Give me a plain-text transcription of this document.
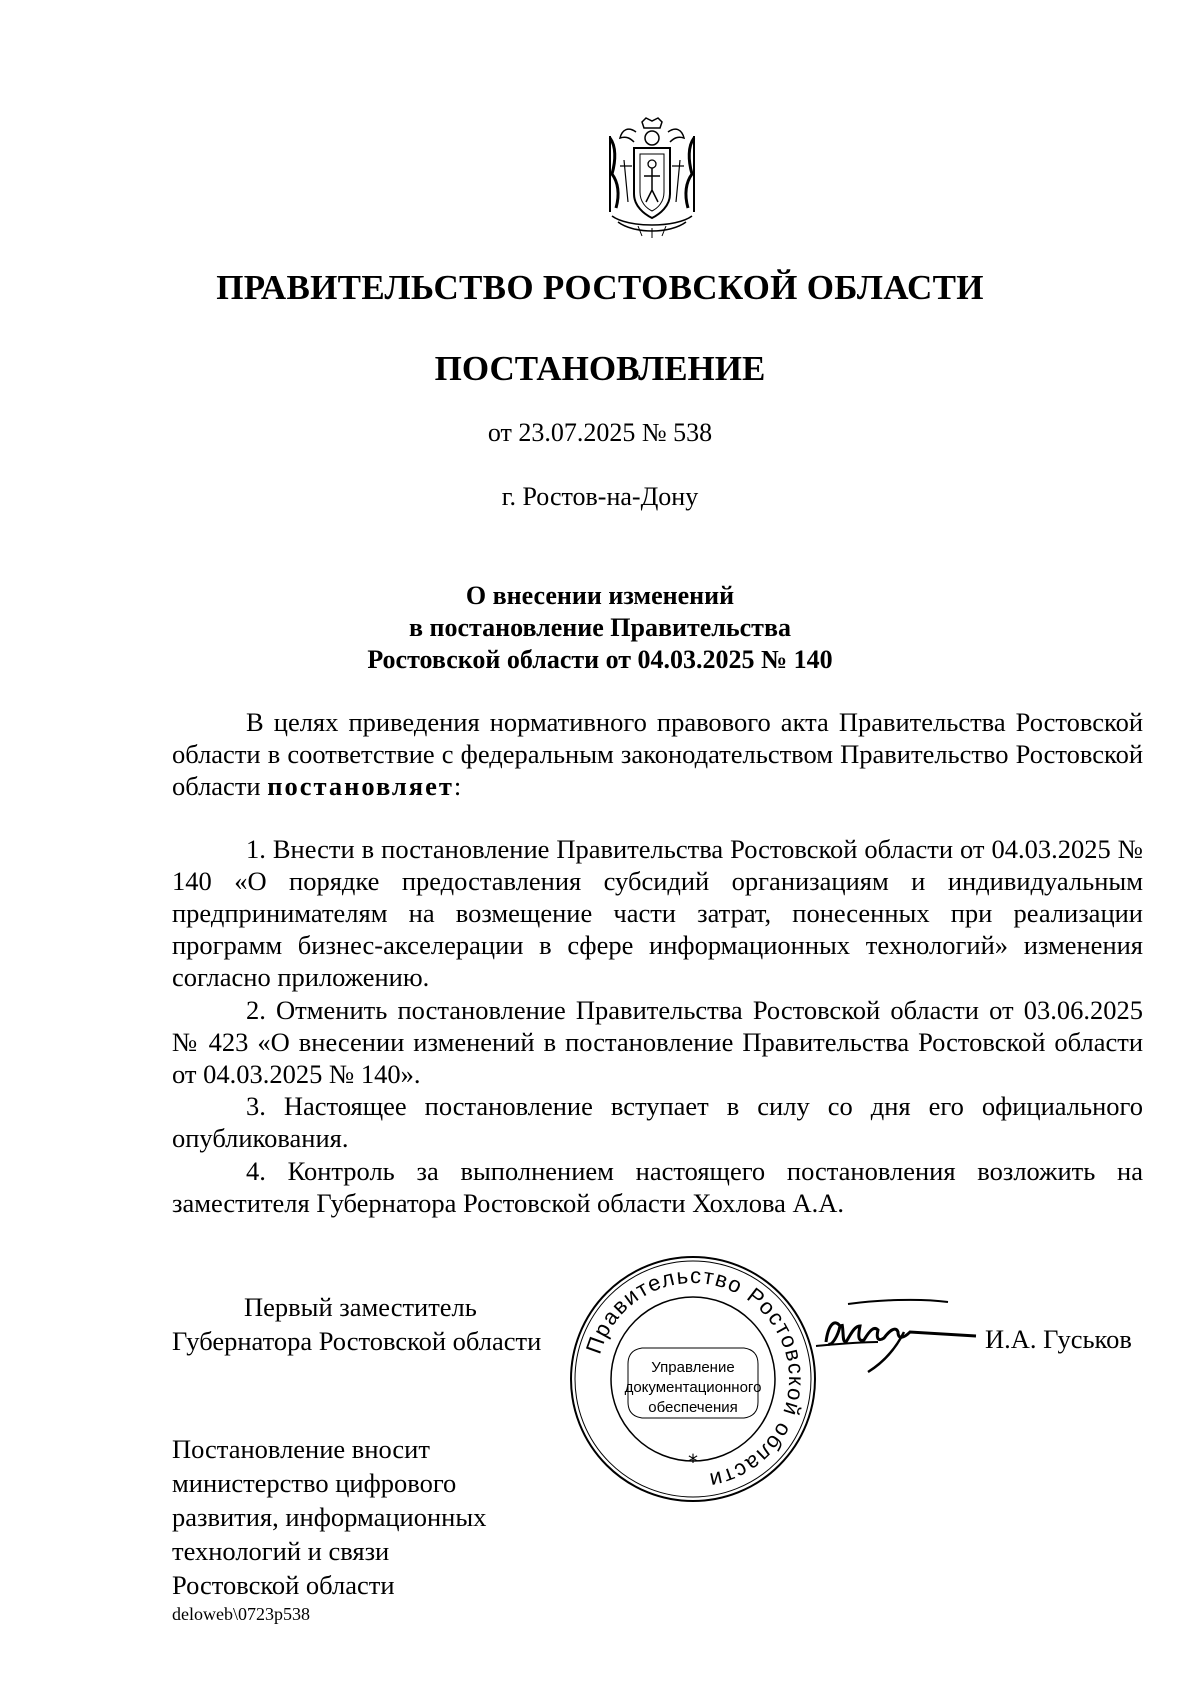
ПРАВИТЕЛЬСТВО РОСТОВСКОЙ ОБЛАСТИ
ПОСТАНОВЛЕНИЕ
от 23.07.2025 № 538
г. Ростов-на-Дону
О внесении изменений
в постановление Правительства
Ростовской области от 04.03.2025 № 140

В целях приведения нормативного правового акта Правительства Ростовской области в соответствие с федеральным законодательством Правительство Ростовской области постановляет:

1. Внести в постановление Правительства Ростовской области от 04.03.2025 № 140 «О порядке предоставления субсидий организациям и индивидуальным предпринимателям на возмещение части затрат, понесенных при реализации программ бизнес-акселерации в сфере информационных технологий» изменения согласно приложению.

2. Отменить постановление Правительства Ростовской области от 03.06.2025 № 423 «О внесении изменений в постановление Правительства Ростовской области от 04.03.2025 № 140».

3. Настоящее постановление вступает в силу со дня его официального опубликования.

4. Контроль за выполнением настоящего постановления возложить на заместителя Губернатора Ростовской области Хохлова А.А.

Первый заместитель
Губернатора Ростовской области Правительство Ростовской области
*
Управление
документационного
обеспечения
И.А. Гуськов
Постановление вносит
министерство цифрового
развития, информационных
технологий и связи
Ростовской области
deloweb\0723p538
